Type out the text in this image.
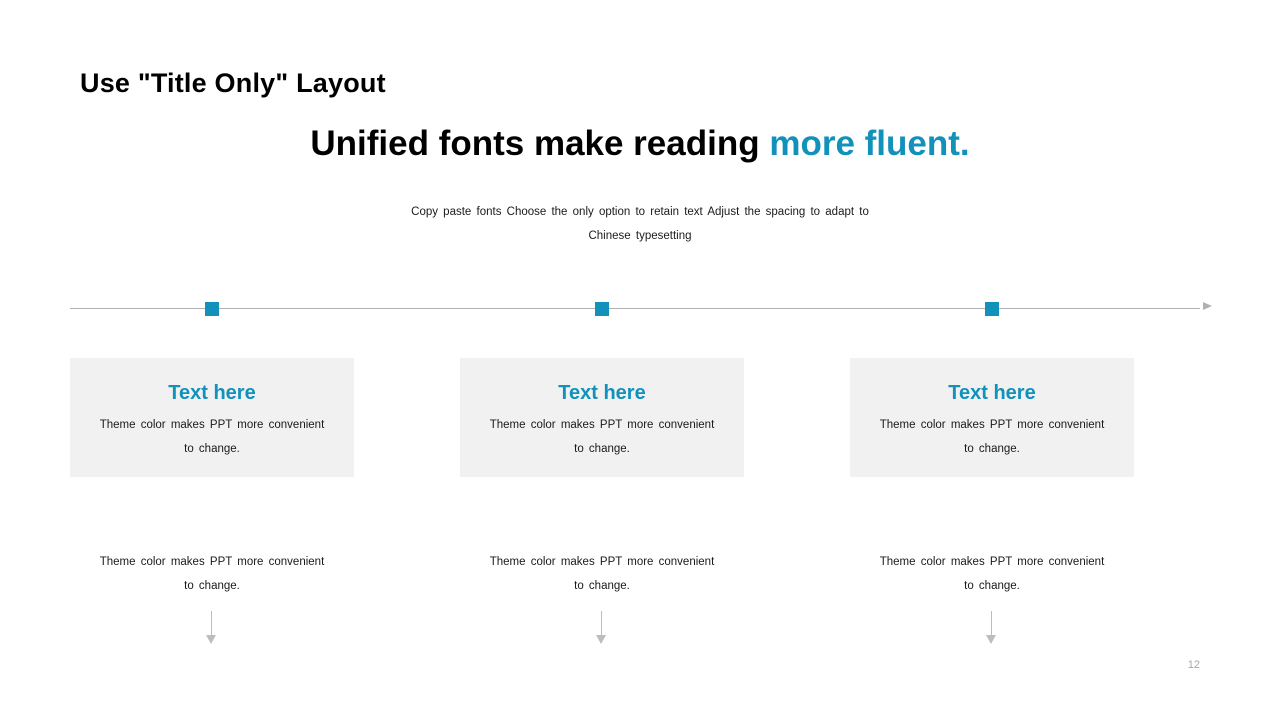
Use "Title Only" Layout
Unified fonts make reading more fluent.
Copy paste fonts Choose the only option to retain text Adjust the spacing to adapt to Chinese typesetting
Text here
Theme color makes PPT more convenient to change.
Theme color makes PPT more convenient to change.
Text here
Theme color makes PPT more convenient to change.
Theme color makes PPT more convenient to change.
Text here
Theme color makes PPT more convenient to change.
Theme color makes PPT more convenient to change.
12
